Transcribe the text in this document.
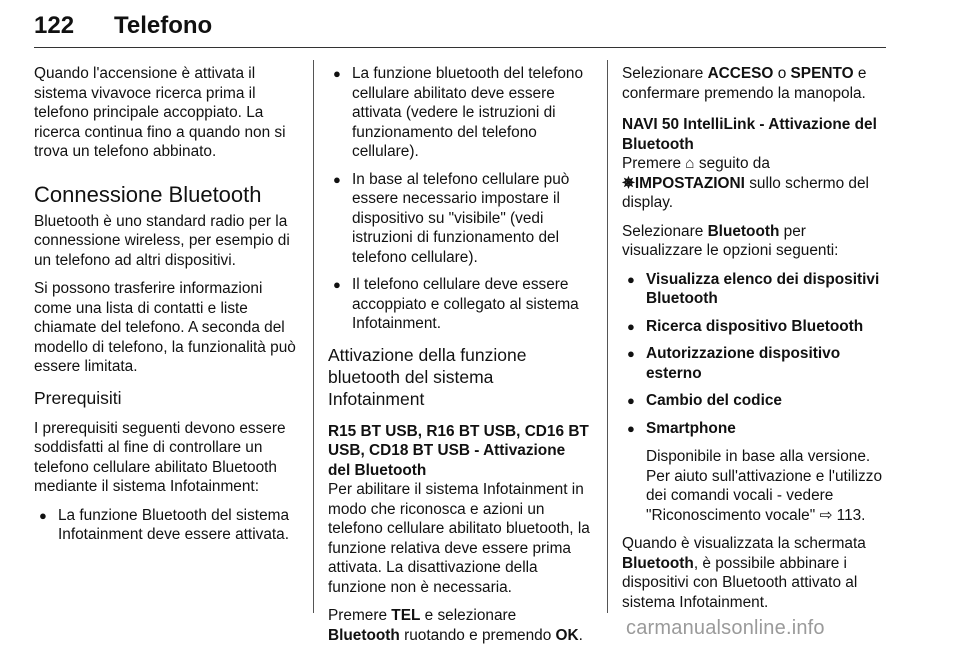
122 Telefono

Quando l'accensione è attivata il sistema vivavoce ricerca prima il telefono principale accoppiato. La ricerca continua fino a quando non si trova un telefono abbinato.

Connessione Bluetooth

Bluetooth è uno standard radio per la connessione wireless, per esempio di un telefono ad altri dispositivi.

Si possono trasferire informazioni come una lista di contatti e liste chiamate del telefono. A seconda del modello di telefono, la funzionalità può essere limitata.

Prerequisiti

I prerequisiti seguenti devono essere soddisfatti al fine di controllare un telefono cellulare abilitato Bluetooth mediante il sistema Infotainment:

● La funzione Bluetooth del sistema Infotainment deve essere attivata.
● La funzione bluetooth del telefono cellulare abilitato deve essere attivata (vedere le istruzioni di funzionamento del telefono cellulare).
● In base al telefono cellulare può essere necessario impostare il dispositivo su "visibile" (vedi istruzioni di funzionamento del telefono cellulare).
● Il telefono cellulare deve essere accoppiato e collegato al sistema Infotainment.
Attivazione della funzione bluetooth del sistema Infotainment
R15 BT USB, R16 BT USB, CD16 BT USB, CD18 BT USB - Attivazione del Bluetooth

Per abilitare il sistema Infotainment in modo che riconosca e azioni un telefono cellulare abilitato bluetooth, la funzione relativa deve essere prima attivata. La disattivazione della funzione non è necessaria.

Premere TEL e selezionare Bluetooth ruotando e premendo OK.

Selezionare ACCESO o SPENTO e confermare premendo la manopola.

NAVI 50 IntelliLink - Attivazione del Bluetooth

Premere ⌂ seguito da
✵IMPOSTAZIONI sullo schermo del display.

Selezionare Bluetooth per visualizzare le opzioni seguenti:

● Visualizza elenco dei dispositivi Bluetooth
● Ricerca dispositivo Bluetooth
● Autorizzazione dispositivo esterno
● Cambio del codice
● Smartphone

Disponibile in base alla versione. Per aiuto sull'attivazione e l'utilizzo dei comandi vocali - vedere "Riconoscimento vocale" ⇨ 113.

Quando è visualizzata la schermata Bluetooth, è possibile abbinare i dispositivi con Bluetooth attivato al sistema Infotainment.

carmanualsonline.info
